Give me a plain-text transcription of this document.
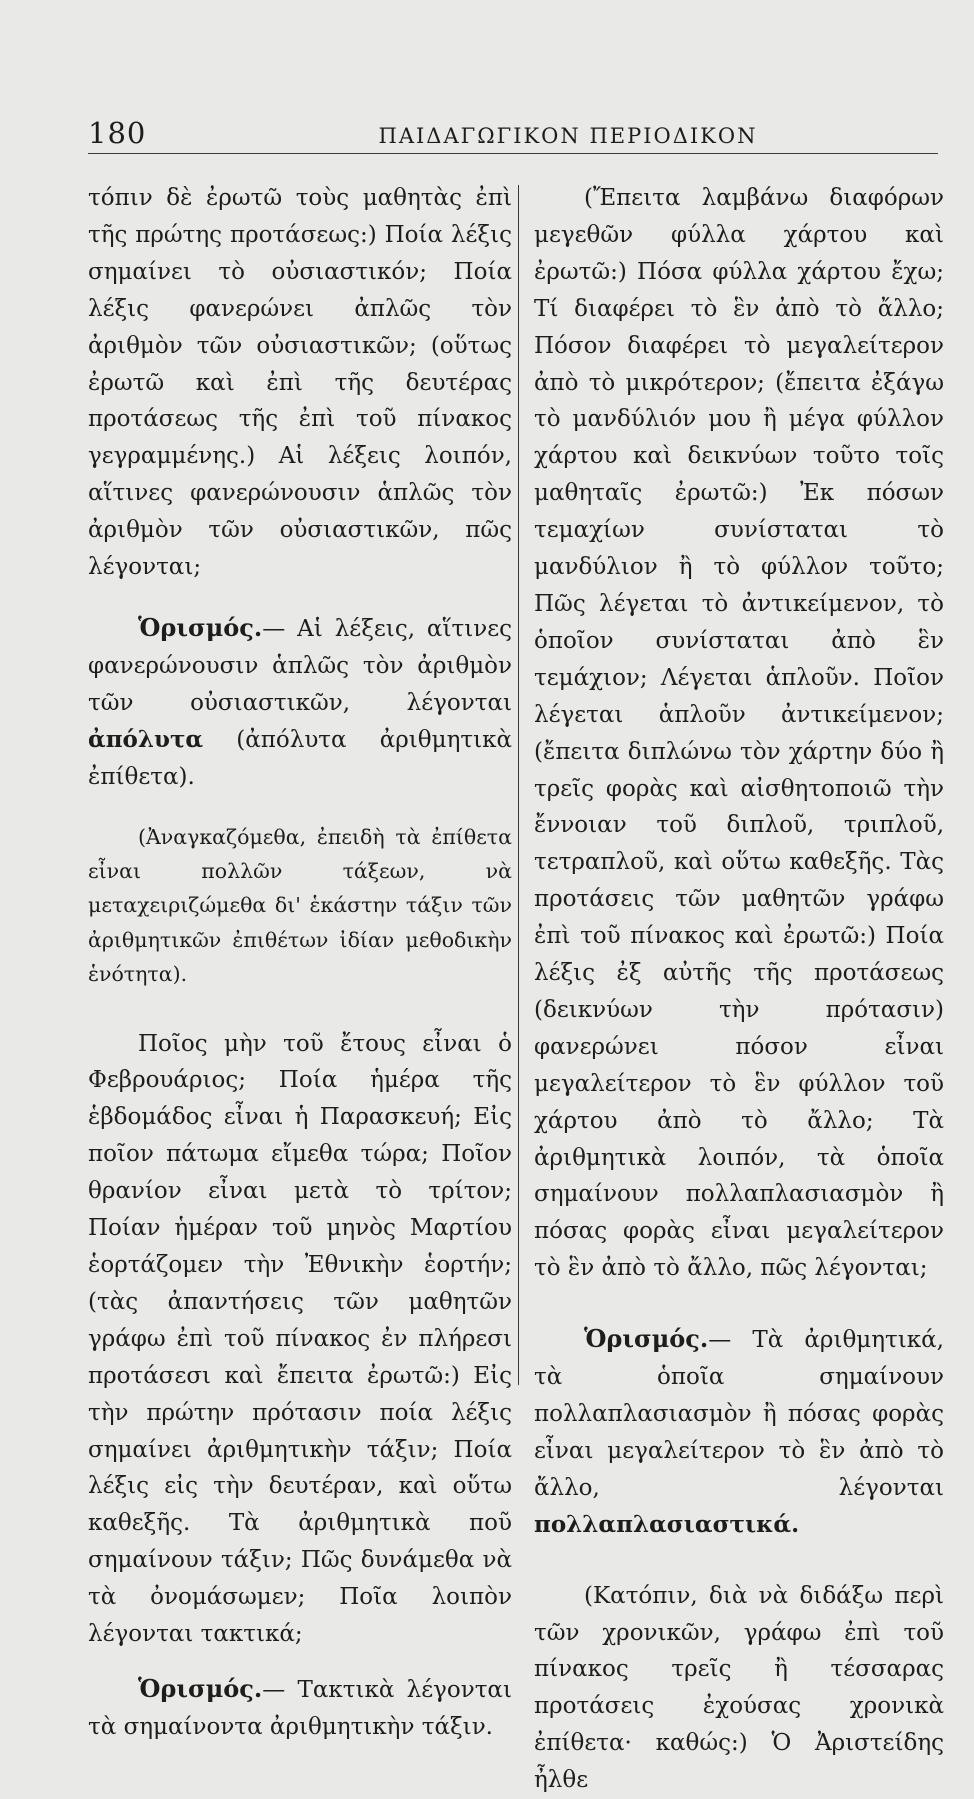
180	ΠΑΙΔΑΓΩΓΙΚΟΝ ΠΕΡΙΟΔΙΚΟΝ

τόπιν δὲ ἐρωτῶ τοὺς μαθητὰς ἐπὶ τῆς πρώτης προτάσεως:) Ποία λέξις σημαίνει τὸ οὐσιαστικόν; Ποία λέξις φανερώνει ἀπλῶς τὸν ἀριθμὸν τῶν οὐσιαστικῶν; (οὕτως ἐρωτῶ καὶ ἐπὶ τῆς δευτέρας προτάσεως τῆς ἐπὶ τοῦ πίνακος γεγραμμένης.) Αἱ λέξεις λοιπόν, αἵτινες φανερώνουσιν ἁπλῶς τὸν ἀριθμὸν τῶν οὐσιαστικῶν, πῶς λέγονται;

Ὁρισμός.— Αἱ λέξεις, αἵτινες φανερώνουσιν ἁπλῶς τὸν ἀριθμὸν τῶν οὐσιαστικῶν, λέγονται ἀπόλυτα (ἀπόλυτα ἀριθμητικὰ ἐπίθετα).

(Ἀναγκαζόμεθα, ἐπειδὴ τὰ ἐπίθετα εἶναι πολλῶν τάξεων, νὰ μεταχειριζώμεθα δι' ἑκάστην τάξιν τῶν ἀριθμητικῶν ἐπιθέτων ἰδίαν μεθοδικὴν ἑνότητα).

Ποῖος μὴν τοῦ ἔτους εἶναι ὁ Φεβρουάριος; Ποία ἡμέρα τῆς ἑβδομάδος εἶναι ἡ Παρασκευή; Εἰς ποῖον πάτωμα εἴμεθα τώρα; Ποῖον θρανίον εἶναι μετὰ τὸ τρίτον; Ποίαν ἡμέραν τοῦ μηνὸς Μαρτίου ἑορτάζομεν τὴν Ἐθνικὴν ἑορτήν; (τὰς ἀπαντήσεις τῶν μαθητῶν γράφω ἐπὶ τοῦ πίνακος ἐν πλήρεσι προτάσεσι καὶ ἔπειτα ἐρωτῶ:) Εἰς τὴν πρώτην πρότασιν ποία λέξις σημαίνει ἀριθμητικὴν τάξιν; Ποία λέξις εἰς τὴν δευτέραν, καὶ οὕτω καθεξῆς. Τὰ ἀριθμητικὰ ποῦ σημαίνουν τάξιν; Πῶς δυνάμεθα νὰ τὰ ὀνομάσωμεν; Ποῖα λοιπὸν λέγονται τακτικά;

Ὁρισμός.— Τακτικὰ λέγονται τὰ σημαίνοντα ἀριθμητικὴν τάξιν.

(Ἔπειτα λαμβάνω διαφόρων μεγεθῶν φύλλα χάρτου καὶ ἐρωτῶ:) Πόσα φύλλα χάρτου ἔχω; Τί διαφέρει τὸ ἓν ἀπὸ τὸ ἄλλο; Πόσον διαφέρει τὸ μεγαλείτερον ἀπὸ τὸ μικρότερον; (ἔπειτα ἐξάγω τὸ μανδύλιόν μου ἢ μέγα φύλλον χάρτου καὶ δεικνύων τοῦτο τοῖς μαθηταῖς ἐρωτῶ:) Ἐκ πόσων τεμαχίων συνίσταται τὸ μανδύλιον ἢ τὸ φύλλον τοῦτο; Πῶς λέγεται τὸ ἀντικείμενον, τὸ ὁποῖον συνίσταται ἀπὸ ἓν τεμάχιον; Λέγεται ἁπλοῦν. Ποῖον λέγεται ἁπλοῦν ἀντικείμενον; (ἔπειτα διπλώνω τὸν χάρτην δύο ἢ τρεῖς φορὰς καὶ αἰσθητοποιῶ τὴν ἔννοιαν τοῦ διπλοῦ, τριπλοῦ, τετραπλοῦ, καὶ οὕτω καθεξῆς. Τὰς προτάσεις τῶν μαθητῶν γράφω ἐπὶ τοῦ πίνακος καὶ ἐρωτῶ:) Ποία λέξις ἐξ αὐτῆς τῆς προτάσεως (δεικνύων τὴν πρότασιν) φανερώνει πόσον εἶναι μεγαλείτερον τὸ ἓν φύλλον τοῦ χάρτου ἀπὸ τὸ ἄλλο; Τὰ ἀριθμητικὰ λοιπόν, τὰ ὁποῖα σημαίνουν πολλαπλασιασμὸν ἢ πόσας φορὰς εἶναι μεγαλείτερον τὸ ἓν ἀπὸ τὸ ἄλλο, πῶς λέγονται;

Ὁρισμός.— Τὰ ἀριθμητικά, τὰ ὁποῖα σημαίνουν πολλαπλασιασμὸν ἢ πόσας φορὰς εἶναι μεγαλείτερον τὸ ἓν ἀπὸ τὸ ἄλλο, λέγονται πολλαπλασιαστικά.

(Κατόπιν, διὰ νὰ διδάξω περὶ τῶν χρονικῶν, γράφω ἐπὶ τοῦ πίνακος τρεῖς ἢ τέσσαρας προτάσεις ἐχούσας χρονικὰ ἐπίθετα· καθώς:) Ὁ Ἀριστείδης ἦλθε
